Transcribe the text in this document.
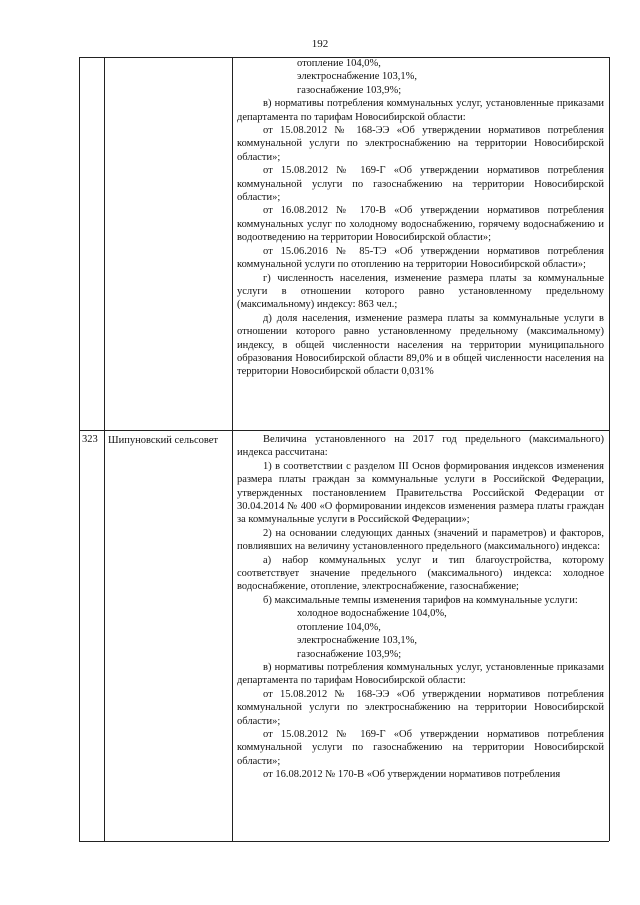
192

отопление 104,0%,

электроснабжение 103,1%,

газоснабжение 103,9%;

в) нормативы потребления коммунальных услуг, установленные приказами департамента по тарифам Новосибирской области:

от 15.08.2012 № 168-ЭЭ «Об утверждении нормативов потребления коммунальной услуги по электроснабжению на территории Новосибирской области»;

от 15.08.2012 № 169-Г «Об утверждении нормативов потребления коммунальной услуги по газоснабжению на территории Новосибирской области»;

от 16.08.2012 № 170-В «Об утверждении нормативов потребления коммунальных услуг по холодному водоснабжению, горячему водоснабжению и водоотведению на территории Новосибирской области»;

от 15.06.2016 № 85-ТЭ «Об утверждении нормативов потребления коммунальной услуги по отоплению на территории Новосибирской области»;

г) численность населения, изменение размера платы за коммунальные услуги в отношении которого равно установленному предельному (максимальному) индексу: 863 чел.;

д) доля населения, изменение размера платы за коммунальные услуги в отношении которого равно установленному предельному (максимальному) индексу, в общей численности населения на территории муниципального образования Новосибирской области 89,0% и в общей численности населения на территории Новосибирской области 0,031%

323 Шипуновский сельсовет	Величина установленного на 2017 год предельного (максимального) индекса рассчитана:

1) в соответствии с разделом III Основ формирования индексов изменения размера платы граждан за коммунальные услуги в Российской Федерации, утвержденных постановлением Правительства Российской Федерации от 30.04.2014 № 400 «О формировании индексов изменения размера платы граждан за коммунальные услуги в Российской Федерации»;

2) на основании следующих данных (значений и параметров) и факторов, повлиявших на величину установленного предельного (максимального) индекса:

а) набор коммунальных услуг и тип благоустройства, которому соответствует значение предельного (максимального) индекса: холодное водоснабжение, отопление, электроснабжение, газоснабжение;

б) максимальные темпы изменения тарифов на коммунальные услуги:

холодное водоснабжение 104,0%,

отопление 104,0%,

электроснабжение 103,1%,

газоснабжение 103,9%;

в) нормативы потребления коммунальных услуг, установленные приказами департамента по тарифам Новосибирской области:

от 15.08.2012 № 168-ЭЭ «Об утверждении нормативов потребления коммунальной услуги по электроснабжению на территории Новосибирской области»;

от 15.08.2012 № 169-Г «Об утверждении нормативов потребления коммунальной услуги по газоснабжению на территории Новосибирской области»;

от 16.08.2012 № 170-В «Об утверждении нормативов потребления
